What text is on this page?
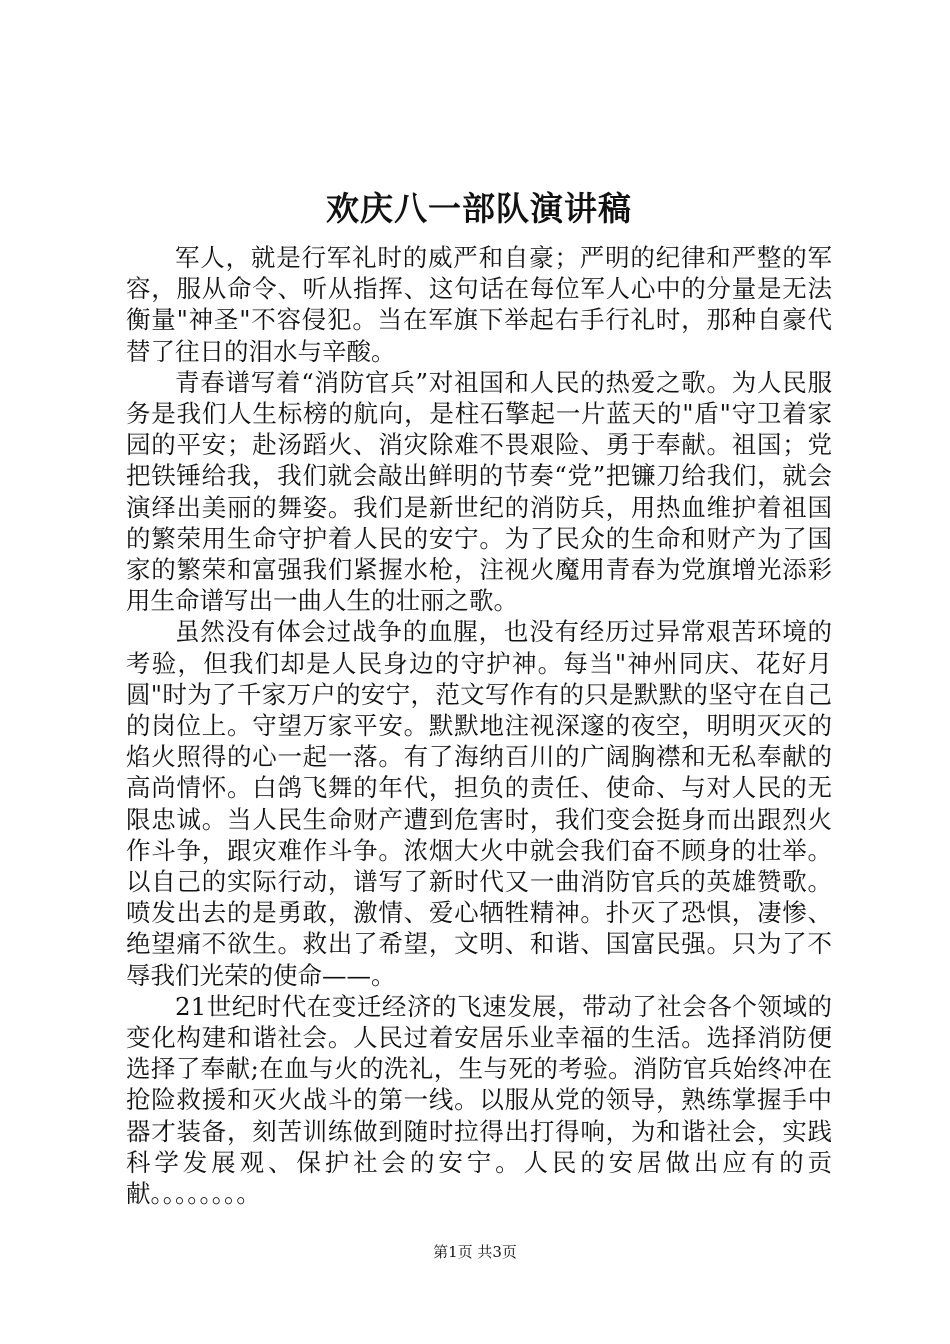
欢庆八一部队演讲稿

军人，就是行军礼时的威严和自豪；严明的纪律和严整的军容，服从命令、听从指挥、这句话在每位军人心中的分量是无法衡量"神圣"不容侵犯。当在军旗下举起右手行礼时，那种自豪代替了往日的泪水与辛酸。

青春谱写着“消防官兵”对祖国和人民的热爱之歌。为人民服务是我们人生标榜的航向，是柱石擎起一片蓝天的"盾"守卫着家园的平安；赴汤蹈火、消灾除难不畏艰险、勇于奉献。祖国；党把铁锤给我，我们就会敲出鲜明的节奏“党”把镰刀给我们，就会演绎出美丽的舞姿。我们是新世纪的消防兵，用热血维护着祖国的繁荣用生命守护着人民的安宁。为了民众的生命和财产为了国家的繁荣和富强我们紧握水枪，注视火魔用青春为党旗增光添彩用生命谱写出一曲人生的壮丽之歌。

虽然没有体会过战争的血腥，也没有经历过异常艰苦环境的考验，但我们却是人民身边的守护神。每当"神州同庆、花好月圆"时为了千家万户的安宁，范文写作有的只是默默的坚守在自己的岗位上。守望万家平安。默默地注视深邃的夜空，明明灭灭的焰火照得的心一起一落。有了海纳百川的广阔胸襟和无私奉献的高尚情怀。白鸽飞舞的年代，担负的责任、使命、与对人民的无限忠诚。当人民生命财产遭到危害时，我们变会挺身而出跟烈火作斗争，跟灾难作斗争。浓烟大火中就会我们奋不顾身的壮举。以自己的实际行动，谱写了新时代又一曲消防官兵的英雄赞歌。喷发出去的是勇敢，激情、爱心牺牲精神。扑灭了恐惧，凄惨、绝望痛不欲生。救出了希望，文明、和谐、国富民强。只为了不辱我们光荣的使命——。

21世纪时代在变迁经济的飞速发展，带动了社会各个领域的变化构建和谐社会。人民过着安居乐业幸福的生活。选择消防便选择了奉献;在血与火的洗礼，生与死的考验。消防官兵始终冲在抢险救援和灭火战斗的第一线。以服从党的领导，熟练掌握手中器才装备，刻苦训练做到随时拉得出打得响，为和谐社会，实践科学发展观、保护社会的安宁。人民的安居做出应有的贡献。。。。。。。。

第1页 共3页
